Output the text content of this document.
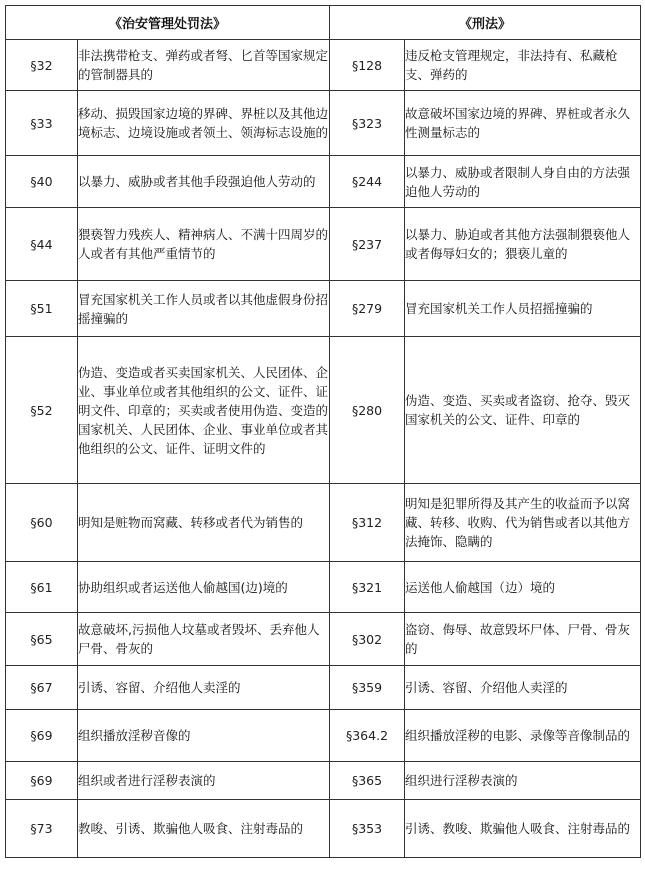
《治安管理处罚法》		《刑法》	
§32	非法携带枪支、弹药或者弩、匕首等国家规定的管制器具的	§128	违反枪支管理规定，非法持有、私藏枪支、弹药的
§33	移动、损毁国家边境的界碑、界桩以及其他边境标志、边境设施或者领土、领海标志设施的	§323	故意破坏国家边境的界碑、界桩或者永久性测量标志的
§40	以暴力、威胁或者其他手段强迫他人劳动的	§244	以暴力、威胁或者限制人身自由的方法强迫他人劳动的
§44	猥亵智力残疾人、精神病人、不满十四周岁的人或者有其他严重情节的	§237	以暴力、胁迫或者其他方法强制猥亵他人或者侮辱妇女的；猥亵儿童的
§51	冒充国家机关工作人员或者以其他虚假身份招摇撞骗的	§279	冒充国家机关工作人员招摇撞骗的
§52	伪造、变造或者买卖国家机关、人民团体、企业、事业单位或者其他组织的公文、证件、证明文件、印章的；买卖或者使用伪造、变造的国家机关、人民团体、企业、事业单位或者其他组织的公文、证件、证明文件的	§280	伪造、变造、买卖或者盗窃、抢夺、毁灭国家机关的公文、证件、印章的
§60	明知是赃物而窝藏、转移或者代为销售的	§312	明知是犯罪所得及其产生的收益而予以窝藏、转移、收购、代为销售或者以其他方法掩饰、隐瞒的
§61	协助组织或者运送他人偷越国(边)境的	§321	运送他人偷越国（边）境的
§65	故意破坏,污损他人坟墓或者毁坏、丢弃他人尸骨、骨灰的	§302	盗窃、侮辱、故意毁坏尸体、尸骨、骨灰的
§67	引诱、容留、介绍他人卖淫的	§359	引诱、容留、介绍他人卖淫的
§69	组织播放淫秽音像的	§364.2	组织播放淫秽的电影、录像等音像制品的
§69	组织或者进行淫秽表演的	§365	组织进行淫秽表演的
§73	教唆、引诱、欺骗他人吸食、注射毒品的	§353	引诱、教唆、欺骗他人吸食、注射毒品的
